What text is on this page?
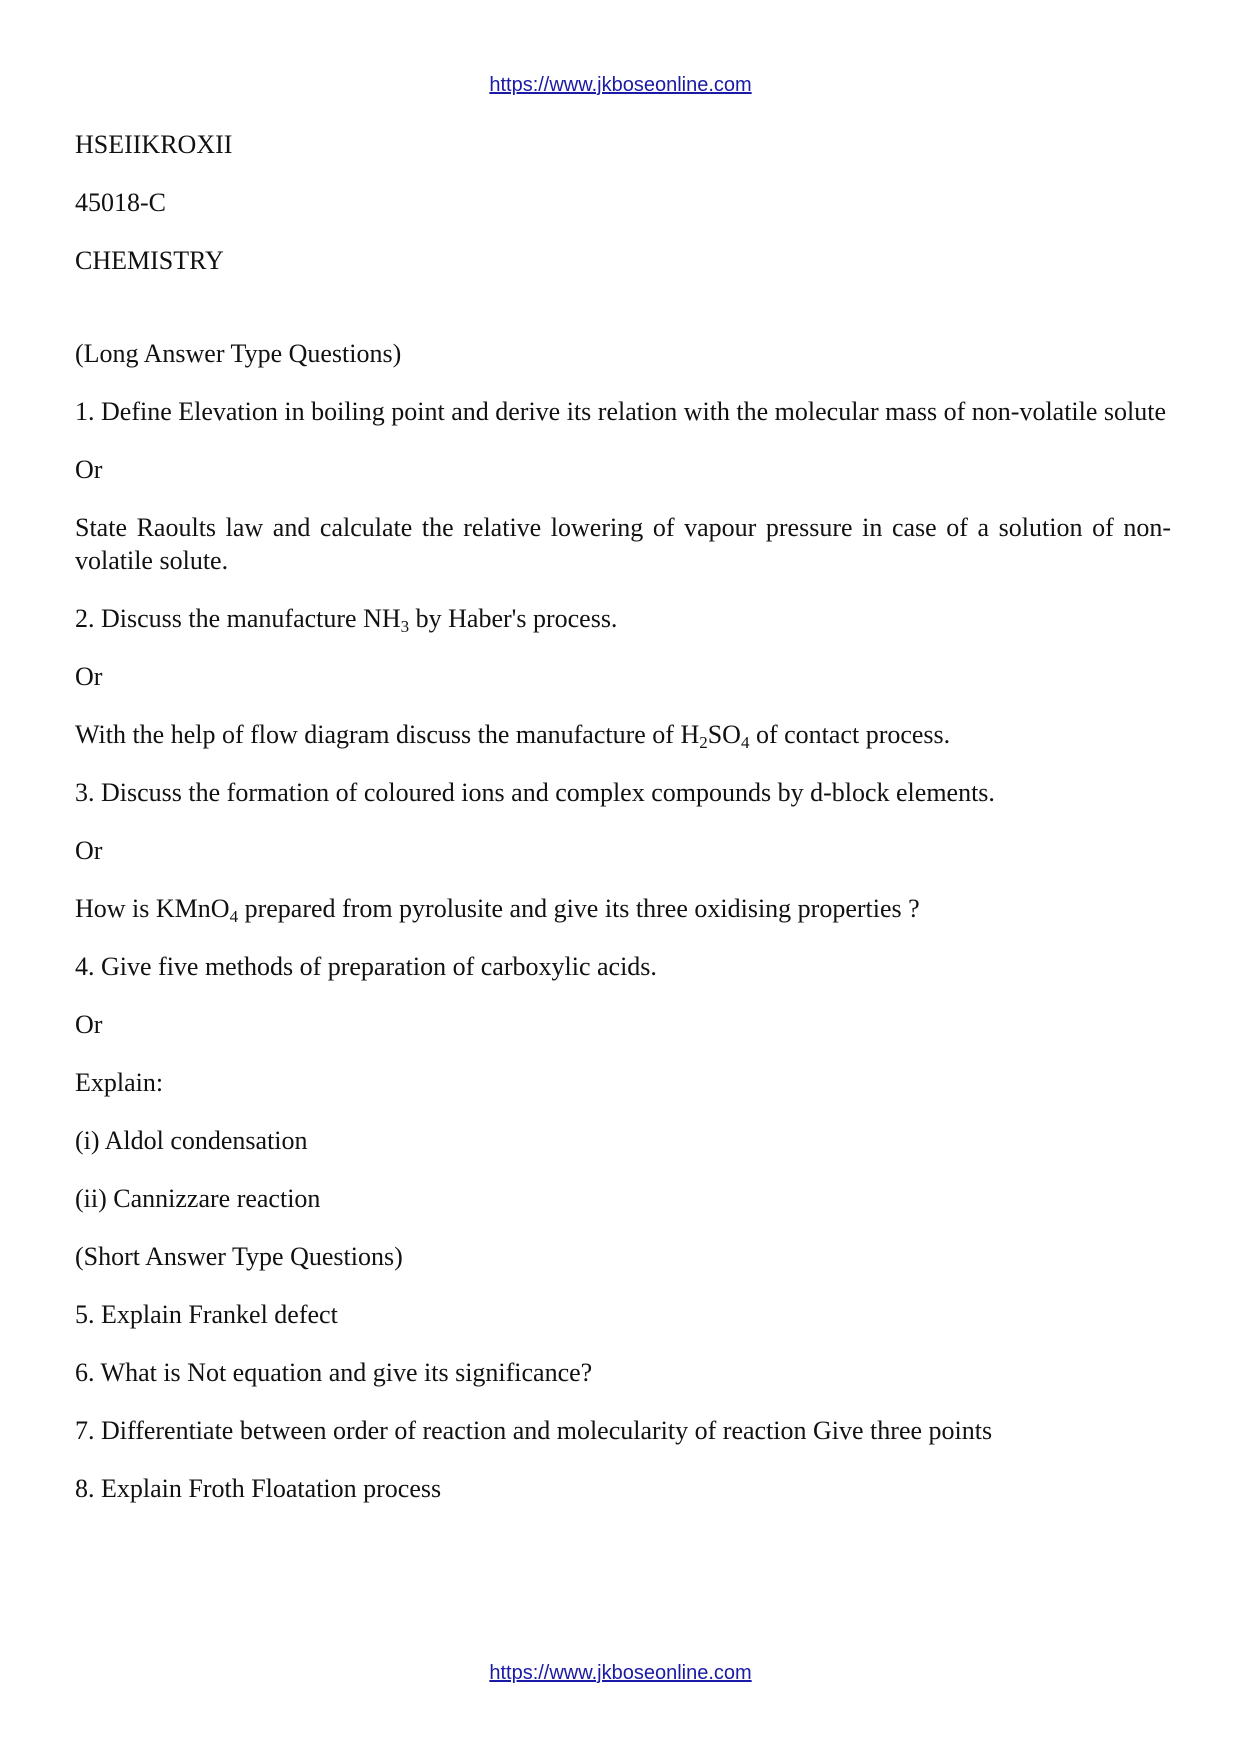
https://www.jkboseonline.com

HSEIIKROXII

45018-C

CHEMISTRY

(Long Answer Type Questions)

1. Define Elevation in boiling point and derive its relation with the molecular mass of non-volatile solute

Or

State Raoults law and calculate the relative lowering of vapour pressure in case of a solution of non-volatile solute.

2. Discuss the manufacture $NH_3$ by Haber's process.

Or

With the help of flow diagram discuss the manufacture of $H_2SO_4$ of contact process.

3. Discuss the formation of coloured ions and complex compounds by d-block elements.

Or

How is KMnO$_4$ prepared from pyrolusite and give its three oxidising properties ?

4. Give five methods of preparation of carboxylic acids.

Or

Explain:

(i) Aldol condensation

(ii) Cannizzare reaction

(Short Answer Type Questions)

5. Explain Frankel defect

6. What is Not equation and give its significance?

7. Differentiate between order of reaction and molecularity of reaction Give three points

8. Explain Froth Floatation process

https://www.jkboseonline.com
